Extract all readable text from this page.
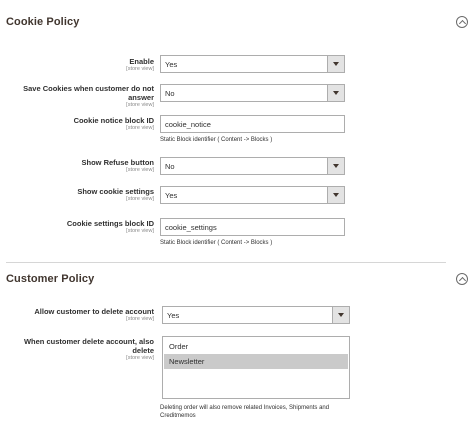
Cookie Policy
Enable
[store view] Yes
Save Cookies when customer do not answer
[store view]
No
Cookie notice block ID
[store view] cookie_notice
Static Block identifier ( Content -> Blocks )
Show Refuse button
[store view] No
Show cookie settings
[store view] Yes
Cookie settings block ID
[store view] cookie_settings
Static Block identifier ( Content -> Blocks )
Customer Policy
Allow customer to delete account
[store view] Yes
When customer delete account, also delete
[store view]
Order
Newsletter
Deleting order will also remove related Invoices, Shipments and Creditmemos
